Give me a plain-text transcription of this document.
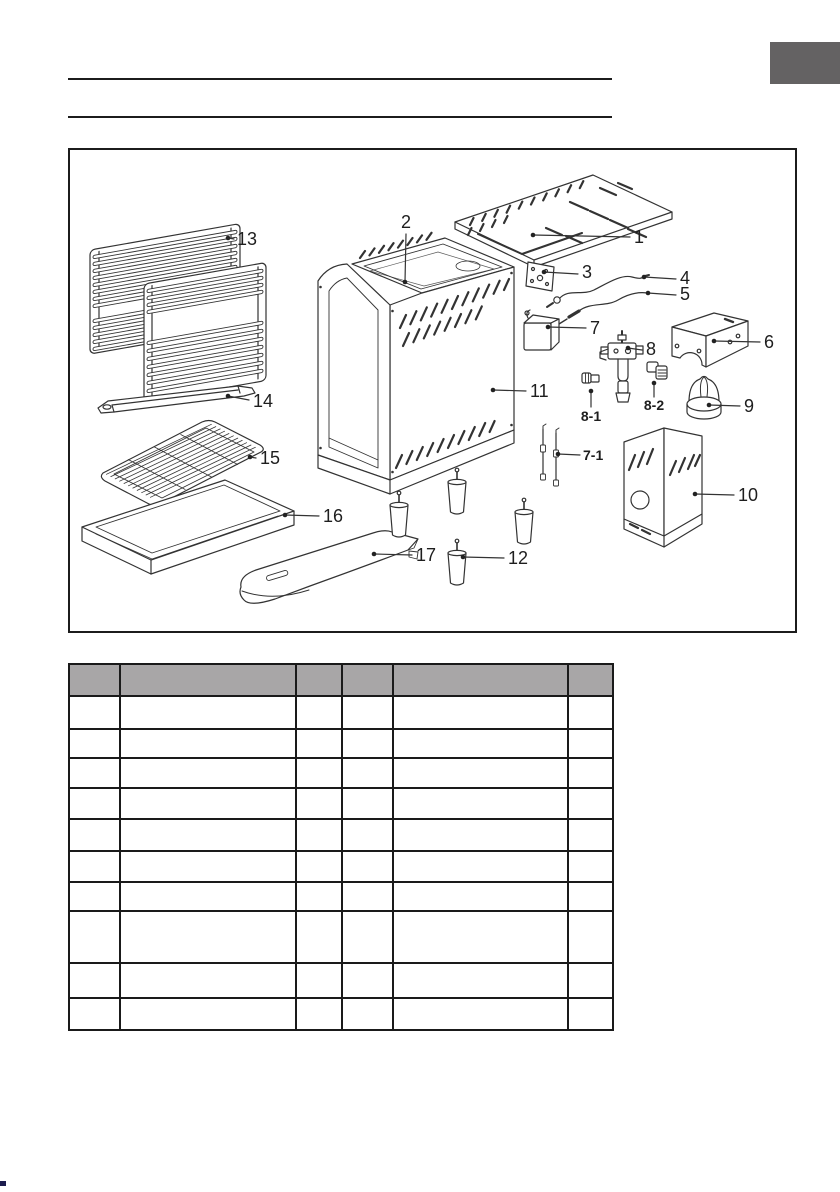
1
2
3	4
5
6
7
7-1
8
8-1
8-2	9
10
11
12
13
14
15
16
17
